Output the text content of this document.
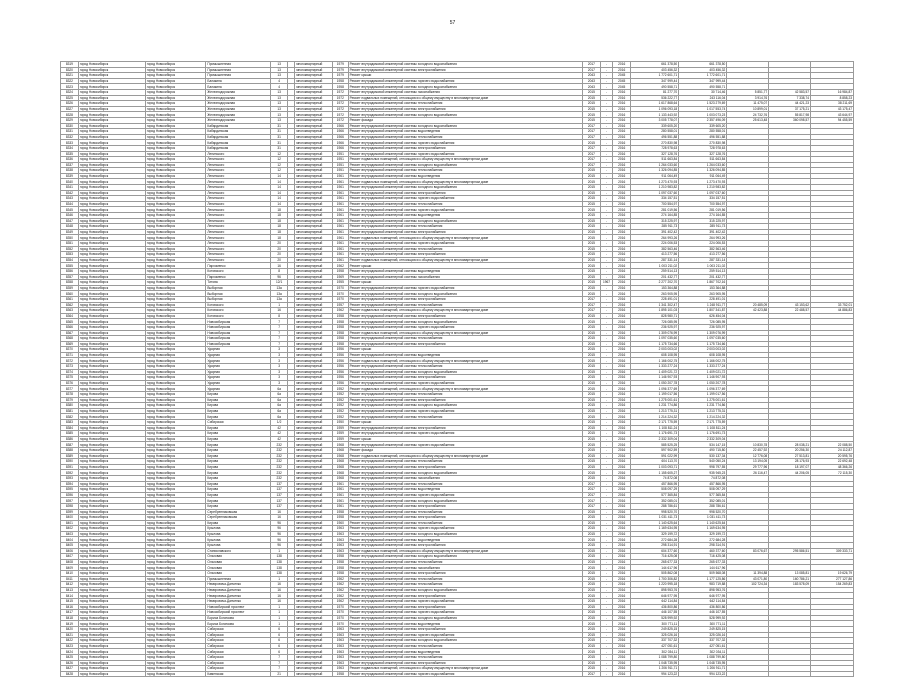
57
8319	город Новосибирск	город Новосибирск	Промышленная	13		многоквартирный	1979	Ремонт внутридомовой инженерной системы холодного водоснабжения	2017	-	2016	661 378,50	661 378,50			
8320	город Новосибирск	город Новосибирск	Промышленная	13		многоквартирный	1979	Ремонт внутридомовой инженерной системы электроснабжения	2017	-	2016	403 456,32	403 456,32			
8321	город Новосибирск	город Новосибирск	Промышленная	13		многоквартирный	1979	Ремонт крыши	2043	-	2045	1 772 601,71	1 772 601,71			
8322	город Новосибирск	город Новосибирск	Балакина	4		многоквартирный	1958	Ремонт внутридомовой инженерной системы горячего водоснабжения	2043	-	2045	347 999,44	347 999,44			
8323	город Новосибирск	город Новосибирск	Балакина	4		многоквартирный	1958	Ремонт внутридомовой инженерной системы холодного водоснабжения	2043	-	2045	490 558,71	490 558,71			
8324	город Новосибирск	город Новосибирск	Железнодорожная	13		многоквартирный	1972	Ремонт внутридомовой инженерной системы газоснабжения	2015	-	2016	81 277,70	30 714,46	5 851,77	42 583,57	16 984,87
8325	город Новосибирск	город Новосибирск	Железнодорожная	13		многоквартирный	1972	Ремонт подвальных помещений, относящихся к общему имуществу в многоквартирном доме	2015	-	2016	536 222,77	243 116,04	3 914,76	7 338,74	8 858,23
8326	город Новосибирск	город Новосибирск	Железнодорожная	13		многоквартирный	1972	Ремонт внутридомовой инженерной системы теплоснабжения	2015	-	2016	1 617 868,64	1 523 279,69	11 475,07	44 421,23	38 211,69
8327	город Новосибирск	город Новосибирск	Железнодорожная	13		многоквартирный	1972	Ремонт внутридомовой инженерной системы электроснабжения	2015	-	2016	1 096 093,18	1 017 553,74	10 899,01	37 175,21	43 175,47
8328	город Новосибирск	город Новосибирск	Железнодорожная	13		многоквартирный	1972	Ремонт внутридомовой инженерной системы холодного водоснабжения	2015	-	2016	1 133 443,92	1 003 073,23	24 732,76	55 817,98	43 644,97
8329	город Новосибирск	город Новосибирск	Железнодорожная	13		многоквартирный	1972	Ремонт фасада	2015	-	2016	3 005 778,07	2 357 496,09	25 613,48	360 098,57	94 455,59
8330	город Новосибирск	город Новосибирск	Кабардинская	31		многоквартирный	1966	Ремонт внутридомовой инженерной системы холодного водоснабжения	2017	-	2016	339 605,20	339 605,20			
8331	город Новосибирск	город Новосибирск	Кабардинская	31		многоквартирный	1966	Ремонт внутридомовой инженерной системы водоотведения	2017	-	2016	280 558,01	280 558,01			
8332	город Новосибирск	город Новосибирск	Кабардинская	31		многоквартирный	1966	Ремонт внутридомовой инженерной системы теплоснабжения	2017	-	2016	496 551,88	496 551,88			
8333	город Новосибирск	город Новосибирск	Кабардинская	31		многоквартирный	1966	Ремонт внутридомовой инженерной системы горячего водоснабжения	2015	-	2016	270 830,98	270 830,98			
8334	город Новосибирск	город Новосибирск	Кабардинская	31		многоквартирный	1966	Ремонт внутридомовой инженерной системы электроснабжения	2017	-	2016	728 978,63	728 978,63			
8335	город Новосибирск	город Новосибирск	Ленинского	12		многоквартирный	1951	Ремонт внутридомовой инженерной системы горячего водоснабжения	2017	-	2016	327 128,76	327 128,76			
8336	город Новосибирск	город Новосибирск	Ленинского	12		многоквартирный	1951	Ремонт подвальных помещений, относящихся к общему имуществу в многоквартирном доме	2017	-	2016	511 663,84	511 663,84			
8337	город Новосибирск	город Новосибирск	Ленинского	12		многоквартирный	1951	Ремонт внутридомовой инженерной системы холодного водоснабжения	2017	-	2016	1 264 033,60	1 264 033,60			
8338	город Новосибирск	город Новосибирск	Ленинского	12		многоквартирный	1951	Ремонт внутридомовой инженерной системы теплоснабжения	2015	-	2016	1 326 094,85	1 326 094,85			
8339	город Новосибирск	город Новосибирск	Ленинского	14		многоквартирный	1961	Ремонт внутридомовой инженерной системы водоотведения	2015	-	2016	911 064,49	911 064,49			
8340	город Новосибирск	город Новосибирск	Ленинского	14		многоквартирный	1961	Ремонт подвальных помещений, относящихся к общему имуществу в многоквартирном доме	2015	-	2016	1 273 470,93	1 273 470,93			
8341	город Новосибирск	город Новосибирск	Ленинского	14		многоквартирный	1961	Ремонт внутридомовой инженерной системы холодного водоснабжения	2015	-	2016	1 210 983,82	1 210 983,82			
8342	город Новосибирск	город Новосибирск	Ленинского	14		многоквартирный	1961	Ремонт внутридомовой инженерной системы электроснабжения	2015	-	2016	1 097 037,60	1 097 037,60			
8343	город Новосибирск	город Новосибирск	Ленинского	14		многоквартирный	1961	Ремонт внутридомовой инженерной системы горячего водоснабжения	2015	-	2016	334 157,51	334 157,51			
8344	город Новосибирск	город Новосибирск	Ленинского	14		многоквартирный	1961	Ремонт внутридомовой инженерной системы теплоснабжения	2015	-	2016	700 554,97	700 554,97			
8345	город Новосибирск	город Новосибирск	Ленинского	18		многоквартирный	1961	Ремонт внутридомовой инженерной системы горячего водоснабжения	2015	-	2016	281 019,56	281 019,56			
8346	город Новосибирск	город Новосибирск	Ленинского	18		многоквартирный	1961	Ремонт внутридомовой инженерной системы водоотведения	2015	-	2016	274 164,85	274 164,85			
8347	город Новосибирск	город Новосибирск	Ленинского	18		многоквартирный	1961	Ремонт внутридомовой инженерной системы холодного водоснабжения	2015	-	2016	315 225,97	315 225,97			
8348	город Новосибирск	город Новосибирск	Ленинского	18		многоквартирный	1961	Ремонт внутридомовой инженерной системы теплоснабжения	2015	-	2016	285 911,73	285 911,73			
8349	город Новосибирск	город Новосибирск	Ленинского	18		многоквартирный	1961	Ремонт внутридомовой инженерной системы электроснабжения	2015	-	2016	391 402,42	391 402,42			
8350	город Новосибирск	город Новосибирск	Ленинского	18		многоквартирный	1961	Ремонт подвальных помещений, относящихся к общему имуществу в многоквартирном доме	2015	-	2016	264 993,26	264 993,26			
8351	город Новосибирск	город Новосибирск	Ленинского	20		многоквартирный	1961	Ремонт внутридомовой инженерной системы горячего водоснабжения	2015	-	2016	224 006,53	224 006,53			
8352	город Новосибирск	город Новосибирск	Ленинского	20		многоквартирный	1961	Ремонт внутридомовой инженерной системы теплоснабжения	2015	-	2016	382 563,46	382 563,46			
8353	город Новосибирск	город Новосибирск	Ленинского	20		многоквартирный	1961	Ремонт внутридомовой инженерной системы электроснабжения	2015	-	2016	413 277,56	413 277,56			
8354	город Новосибирск	город Новосибирск	Ленинского	20		многоквартирный	1961	Ремонт подвальных помещений, относящихся к общему имуществу в многоквартирном доме	2015	-	2016	287 331,14	287 331,14			
8355	город Новосибирск	город Новосибирск	Пархоменко	16		многоквартирный	1962	Ремонт крыши	2015	-	2016	1 003 211,02	1 003 211,02			
8356	город Новосибирск	город Новосибирск	Котовского	8		многоквартирный	1958	Ремонт внутридомовой инженерной системы водоотведения	2015	-	2016	259 514,13	259 514,13			
8357	город Новосибирск	город Новосибирск	Пархоменко	96		многоквартирный	1969	Ремонт внутридомовой инженерной системы газоснабжения	2015	-	2016	201 432,77	201 432,77			
8358	город Новосибирск	город Новосибирск	Титова	12/1		многоквартирный	1955	Ремонт крыши	2015	1967	2016	2 277 202,70	1 867 702,16			
8359	город Новосибирск	город Новосибирск	Выборная	13а		многоквартирный	1970	Ремонт внутридомовой инженерной системы горячего водоснабжения	2015	-	2016	153 364,88	153 364,88			
8360	город Новосибирск	город Новосибирск	Выборная	13а		многоквартирный	1970	Ремонт внутридомовой инженерной системы холодного водоснабжения	2015	-	2016	263 905,95	263 905,95			
8361	город Новосибирск	город Новосибирск	Выборная	13а		многоквартирный	1970	Ремонт внутридомовой инженерной системы электроснабжения	2017	-	2016	228 491,01	228 491,01			
8362	город Новосибирск	город Новосибирск	Котовского	1		многоквартирный	1957	Ремонт внутридомовой инженерной системы теплоснабжения	2017	-	2016	1 341 302,47	1 248 911,77	20 485,09	43 153,62	33 752,01
8363	город Новосибирск	город Новосибирск	Котовского	16		многоквартирный	1962	Ремонт подвальных помещений, относящихся к общему имуществу в многоквартирном доме	2017	-	2016	1 895 101,03	1 807 341,87	42 423,88	22 488,57	44 886,83
8364	город Новосибирск	город Новосибирск	Котовского	8		многоквартирный	1958	Ремонт внутридомовой инженерной системы электроснабжения	2015	-	2016	828 980,71	626 454,04			
8365	город Новосибирск	город Новосибирск	Новосибирская	7		многоквартирный	1958	Ремонт внутридомовой инженерной системы холодного водоснабжения	2015	-	2016	726 085,95	726 085,95			
8366	город Новосибирск	город Новосибирск	Новосибирская	7		многоквартирный	1958	Ремонт внутридомовой инженерной системы горячего водоснабжения	2015	-	2016	236 925,97	236 925,97			
8367	город Новосибирск	город Новосибирск	Новосибирская	7		многоквартирный	1958	Ремонт подвальных помещений, относящихся к общему имуществу в многоквартирном доме	2015	-	2016	1 309 076,99	1 309 076,99			
8368	город Новосибирск	город Новосибирск	Новосибирская	7		многоквартирный	1958	Ремонт внутридомовой инженерной системы теплоснабжения	2015	-	2016	1 097 035,60	1 097 035,60			
8369	город Новосибирск	город Новосибирск	Новосибирская	7		многоквартирный	1958	Ремонт внутридомовой инженерной системы электроснабжения	2015	-	2016	1 175 734,66	1 175 734,66			
8370	город Новосибирск	город Новосибирск	Ударная	3		многоквартирный	1956	Ремонт крыши	2015	-	2016	2 003 003,02	2 003 003,02			
8371	город Новосибирск	город Новосибирск	Ударная	3		многоквартирный	1956	Ремонт внутридомовой инженерной системы водоотведения	2015	-	2016	608 108,95	608 108,95			
8372	город Новосибирск	город Новосибирск	Ударная	3		многоквартирный	1956	Ремонт подвальных помещений, относящихся к общему имуществу в многоквартирном доме	2015	-	2016	1 166 002,75	1 166 002,75			
8373	город Новосибирск	город Новосибирск	Ударная	3		многоквартирный	1956	Ремонт внутридомовой инженерной системы теплоснабжения	2015	-	2016	1 333 277,24	1 333 277,24			
8374	город Новосибирск	город Новосибирск	Ударная	3		многоквартирный	1956	Ремонт внутридомовой инженерной системы холодного водоснабжения	2015	-	2016	1 409 021,72	1 409 021,72			
8375	город Новосибирск	город Новосибирск	Ударная	3		многоквартирный	1956	Ремонт внутридомовой инженерной системы электроснабжения	2015	-	2016	1 146 907,93	1 146 907,93			
8376	город Новосибирск	город Новосибирск	Ударная	3		многоквартирный	1956	Ремонт внутридомовой инженерной системы горячего водоснабжения	2015	-	2016	1 050 207,78	1 050 207,78			
8377	город Новосибирск	город Новосибирск	Ударная	6а		многоквартирный	1952	Ремонт подвальных помещений, относящихся к общему имуществу в многоквартирном доме	2015	-	2016	1 096 377,69	1 096 377,69			
8378	город Новосибирск	город Новосибирск	Кирова	6а		многоквартирный	1952	Ремонт внутридомовой инженерной системы теплоснабжения	2015	-	2016	1 199 017,56	1 199 017,56			
8379	город Новосибирск	город Новосибирск	Кирова	6а		многоквартирный	1952	Ремонт внутридомовой инженерной системы электроснабжения	2015	-	2016	1 275 001,61	1 275 001,61			
8380	город Новосибирск	город Новосибирск	Кирова	6а		многоквартирный	1952	Ремонт внутридомовой инженерной системы холодного водоснабжения	2015	-	2016	1 231 774,86	1 231 774,86			
8381	город Новосибирск	город Новосибирск	Кирова	6а		многоквартирный	1952	Ремонт внутридомовой инженерной системы горячего водоснабжения	2015	-	2016	1 213 775,31	1 213 775,31			
8382	город Новосибирск	город Новосибирск	Кирова	6а		многоквартирный	1952	Ремонт внутридомовой инженерной системы теплоснабжения	2015	-	2016	1 214 224,32	1 214 224,32			
8383	город Новосибирск	город Новосибирск	Сибирская	1/2		многоквартирный	1950	Ремонт крыши	2015	-	2016	2 171 775,59	2 171 775,59			
8384	город Новосибирск	город Новосибирск	Кирова	42		многоквартирный	1959	Ремонт внутридомовой инженерной системы электроснабжения	2015	-	2016	1 108 811,24	1 108 811,24			
8385	город Новосибирск	город Новосибирск	Кирова	42		многоквартирный	1959	Ремонт внутридомовой инженерной системы горячего водоснабжения	2015	-	2016	1 176 691,73	1 176 691,73			
8386	город Новосибирск	город Новосибирск	Кирова	42		многоквартирный	1959	Ремонт крыши	2015	-	2016	2 332 309,04	2 332 309,04			
8387	город Новосибирск	город Новосибирск	Кирова	232		многоквартирный	1968	Ремонт внутридомовой инженерной системы горячего водоснабжения	2015	-	2016	585 525,25	534 147,15	10 830,78	28 038,21	22 088,50
8388	город Новосибирск	город Новосибирск	Кирова	232		многоквартирный	1968	Ремонт фасада	2015	-	2016	597 902,59	490 715,80	22 457,92	20 256,30	24 112,87
8389	город Новосибирск	город Новосибирск	Кирова	232		многоквартирный	1968	Ремонт подвальных помещений, относящихся к общему имуществу в многоквартирном доме	2015	-	2016	591 022,99	530 137,34	12 776,08	27 513,81	20 595,76
8390	город Новосибирск	город Новосибирск	Кирова	232		многоквартирный	1968	Ремонт внутридомовой инженерной системы теплоснабжения	2015	-	2016	604 113,70	540 050,24	13 194,05	28 176,93	22 692,48
8391	город Новосибирск	город Новосибирск	Кирова	232		многоквартирный	1968	Ремонт внутридомовой инженерной системы электроснабжения	2015	-	2016	1 003 093,71	998 797,55	29 777,96	18 197,07	48 366,26
8392	город Новосибирск	город Новосибирск	Кирова	232		многоквартирный	1968	Ремонт внутридомовой инженерной системы холодного водоснабжения	2015	-	2016	1 155 605,27	935 945,23	26 116,47	44 206,05	72 115,30
8393	город Новосибирск	город Новосибирск	Кирова	232		многоквартирный	1968	Ремонт внутридомовой инженерной системы газоснабжения	2015	-	2016	74 872,08	74 872,08			
8394	город Новосибирск	город Новосибирск	Кирова	137		многоквартирный	1961	Ремонт внутридомовой инженерной системы теплоснабжения	2017	-	2016	457 866,95	457 866,95			
8395	город Новосибирск	город Новосибирск	Кирова	137		многоквартирный	1961	Ремонт внутридомовой инженерной системы водоотведения	2017	-	2016	508 097,29	508 097,29			
8396	город Новосибирск	город Новосибирск	Кирова	137		многоквартирный	1961	Ремонт внутридомовой инженерной системы горячего водоснабжения	2017	-	2016	577 365,84	577 365,84			
8397	город Новосибирск	город Новосибирск	Кирова	137		многоквартирный	1961	Ремонт внутридомовой инженерной системы холодного водоснабжения	2017	-	2016	352 085,01	352 085,01			
8398	город Новосибирск	город Новосибирск	Кирова	137		многоквартирный	1961	Ремонт внутридомовой инженерной системы электроснабжения	2017	-	2016	288 786,61	288 786,61			
8399	город Новосибирск	город Новосибирск	Серебренниковская	16		многоквартирный	1958	Ремонт внутридомовой инженерной системы теплоснабжения	2015	-	2016	998 520,70	998 520,70			
8400	город Новосибирск	город Новосибирск	Серебренниковская	16		многоквартирный	1958	Ремонт внутридомовой инженерной системы электроснабжения	2015	-	2016	1 031 411,73	1 031 411,73			
8401	город Новосибирск	город Новосибирск	Кирова	96		многоквартирный	1960	Ремонт внутридомовой инженерной системы теплоснабжения	2015	-	2016	1 140 625,64	1 140 625,64			
8402	город Новосибирск	город Новосибирск	Крылова	96		многоквартирный	1963	Ремонт внутридомовой инженерной системы горячего водоснабжения	2015	-	2016	1 169 634,95	1 169 634,95			
8403	город Новосибирск	город Новосибирск	Крылова	96		многоквартирный	1963	Ремонт внутридомовой инженерной системы холодного водоснабжения	2015	-	2016	329 199,72	329 199,72			
8404	город Новосибирск	город Новосибирск	Крылова	96		многоквартирный	1963	Ремонт внутридомовой инженерной системы водоотведения	2015	-	2016	272 684,28	272 684,28			
8405	город Новосибирск	город Новосибирск	Крылова	96		многоквартирный	1963	Ремонт внутридомовой инженерной системы электроснабжения	2015	-	2016	298 314,91	298 314,91			
8406	город Новосибирск	город Новосибирск	Станиславского	1		многоквартирный	1963	Ремонт подвальных помещений, относящихся к общему имуществу в многоквартирном доме	2015	-	2016	604 377,60	460 377,60	83 076,67	295 586,51	309 333,71
8407	город Новосибирск	город Новосибирск	Ольховая	138		многоквартирный	1958	Ремонт внутридомовой инженерной системы холодного водоснабжения	2015	-	2016	716 425,08	716 425,08			
8408	город Новосибирск	город Новосибирск	Ольховая	138		многоквартирный	1958	Ремонт внутридомовой инженерной системы теплоснабжения	2015	-	2016	265 677,33	265 677,33			
8409	город Новосибирск	город Новосибирск	Ольховая	138		многоквартирный	1958	Ремонт внутридомовой инженерной системы газоснабжения	2015	-	2016	144 617,96	144 617,96			
8410	город Новосибирск	город Новосибирск	Ольховая	138		многоквартирный	1958	Ремонт внутридомовой инженерной системы электроснабжения	2015	-	2016	505 862,08	509 568,08	11 394,88	13 085,81	19 626,79
8411	город Новосибирск	город Новосибирск	Промышленная	1		многоквартирный	1962	Ремонт внутридомовой инженерной системы теплоснабжения	2015	-	2016	1 700 306,82	1 177 125,86	43 071,80	160 786,21	277 127,86
8412	город Новосибирск	город Новосибирск	Немировича-Данченко	16		многоквартирный	1962	Ремонт внутридомовой инженерной системы теплоснабжения	2015	-	2016	1 220 995,18	983 719,88	102 724,34	183 578,09	154 269,83
8413	город Новосибирск	город Новосибирск	Немировича-Данченко	16		многоквартирный	1962	Ремонт внутридомовой инженерной системы холодного водоснабжения	2015	-	2016	898 953,76	898 953,76			
8414	город Новосибирск	город Новосибирск	Немировича-Данченко	16		многоквартирный	1962	Ремонт внутридомовой инженерной системы электроснабжения	2015	-	2016	646 977,95	646 977,95			
8415	город Новосибирск	город Новосибирск	Немировича-Данченко	16		многоквартирный	1962	Ремонт внутридомовой инженерной системы горячего водоснабжения	2015	-	2016	642 114,84	642 114,84			
8416	город Новосибирск	город Новосибирск	Новосибирский проспект	1		многоквартирный	1970	Ремонт внутридомовой инженерной системы электроснабжения	2015	-	2016	436 800,86	436 800,86			
8417	город Новосибирск	город Новосибирск	Новосибирский проспект	1		многоквартирный	1970	Ремонт внутридомовой инженерной системы горячего водоснабжения	2015	-	2016	446 107,55	446 107,55			
8418	город Новосибирск	город Новосибирск	Бориса Богаткова	1		многоквартирный	1970	Ремонт внутридомовой инженерной системы холодного водоснабжения	2015	-	2016	528 999,92	528 999,92			
8419	город Новосибирск	город Новосибирск	Бориса Богаткова	1		многоквартирный	1970	Ремонт внутридомовой инженерной системы водоотведения	2015	-	2016	300 771,11	300 771,11			
8420	город Новосибирск	город Новосибирск	Сибирская	6		многоквартирный	1963	Ремонт внутридомовой инженерной системы электроснабжения	2015	-	2016	249 825,15	249 825,15			
8421	город Новосибирск	город Новосибирск	Сибирская	6		многоквартирный	1963	Ремонт внутридомовой инженерной системы горячего водоснабжения	2015	-	2016	325 026,16	325 026,16			
8422	город Новосибирск	город Новосибирск	Сибирская	6		многоквартирный	1963	Ремонт внутридомовой инженерной системы холодного водоснабжения	2015	-	2016	337 707,32	337 707,32			
8423	город Новосибирск	город Новосибирск	Сибирская	6		многоквартирный	1963	Ремонт внутридомовой инженерной системы теплоснабжения	2015	-	2016	427 051,61	427 051,61			
8424	город Новосибирск	город Новосибирск	Сибирская	6		многоквартирный	1963	Ремонт внутридомовой инженерной системы водоотведения	2015	-	2016	302 034,11	302 034,11			
8425	город Новосибирск	город Новосибирск	Сибирская	7		многоквартирный	1963	Ремонт внутридомовой инженерной системы теплоснабжения	2015	-	2016	1 088 799,80	1 088 799,80			
8426	город Новосибирск	город Новосибирск	Сибирская	7		многоквартирный	1963	Ремонт внутридомовой инженерной системы электроснабжения	2015	-	2016	1 048 735,95	1 048 735,95			
8427	город Новосибирск	город Новосибирск	Сибирская	7		многоквартирный	1963	Ремонт подвальных помещений, относящихся к общему имуществу в многоквартирном доме	2015	-	2016	1 206 911,71	1 206 911,71			
8428	город Новосибирск	город Новосибирск	Каменская	21		многоквартирный	1958	Ремонт внутридомовой инженерной системы горячего водоснабжения	2017	-	2016	994 123,22	994 123,22			
